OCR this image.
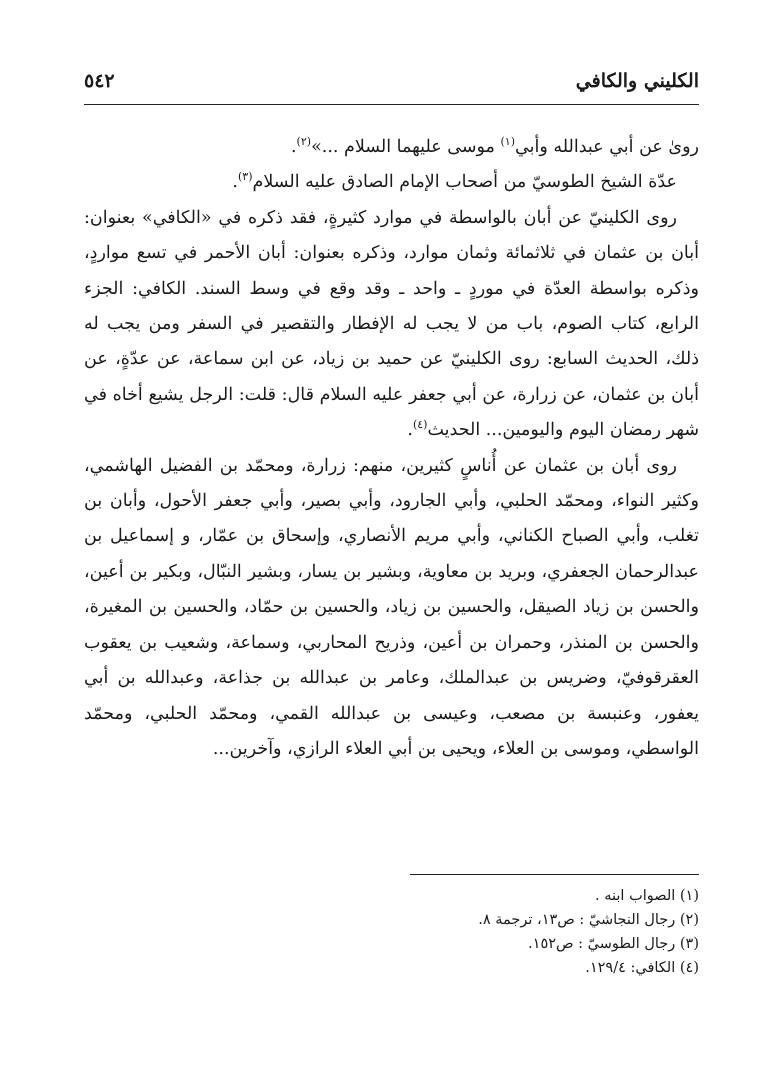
الكليني والكافي
٥٤٢

رویٰ عن أبي عبدالله وأبي$^{(١)}$ موسى عليهما السلام ...»$^{(٢)}$.

عدّة الشيخ الطوسيّ من أصحاب الإمام الصادق عليه السلام$^{(٣)}$.

روى الكلينيّ عن أبان بالواسطة في موارد كثيرةٍ، فقد ذكره في «الكافي» بعنوان: أبان بن عثمان في ثلاثمائة وثمان موارد، وذكره بعنوان: أبان الأحمر في تسع مواردٍ، وذكره بواسطة العدّة في موردٍ ـ واحد ـ وقد وقع في وسط السند. الكافي: الجزء الرابع، كتاب الصوم، باب من لا يجب له الإفطار والتقصير في السفر ومن يجب له ذلك، الحديث السابع: روى الكلينيّ عن حميد بن زياد، عن ابن سماعة، عن عدّةٍ، عن أبان بن عثمان، عن زرارة، عن أبي جعفر عليه السلام قال: قلت: الرجل يشيع أخاه في شهر رمضان اليوم واليومين... الحديث$^{(٤)}$.

روى أبان بن عثمان عن أُناسٍ كثيرين، منهم: زرارة، ومحمّد بن الفضيل الهاشمي، وكثير النواء، ومحمّد الحلبي، وأبي الجارود، وأبي بصير، وأبي جعفر الأحول، وأبان بن تغلب، وأبي الصباح الكناني، وأبي مريم الأنصاري، وإسحاق بن عمّار، و إسماعيل بن عبدالرحمان الجعفري، وبريد بن معاوية، وبشير بن يسار، وبشير النبّال، وبكير بن أعين، والحسن بن زياد الصيقل، والحسين بن زياد، والحسين بن حمّاد، والحسين بن المغيرة، والحسن بن المنذر، وحمران بن أعين، وذريح المحاربي، وسماعة، وشعيب بن يعقوب العقرقوفيّ، وضريس بن عبدالملك، وعامر بن عبدالله بن جذاعة، وعبدالله بن أبي يعفور، وعنبسة بن مصعب، وعيسى بن عبدالله القمي، ومحمّد الحلبي، ومحمّد الواسطي، وموسى بن العلاء، ويحيى بن أبي العلاء الرازي، وآخرين...

(١) الصواب ابنه .
(٢) رجال النجاشيّ : ص١٣، ترجمة ٨.
(٣) رجال الطوسيّ : ص١٥٢.
(٤) الكافي: ١٢٩/٤.
